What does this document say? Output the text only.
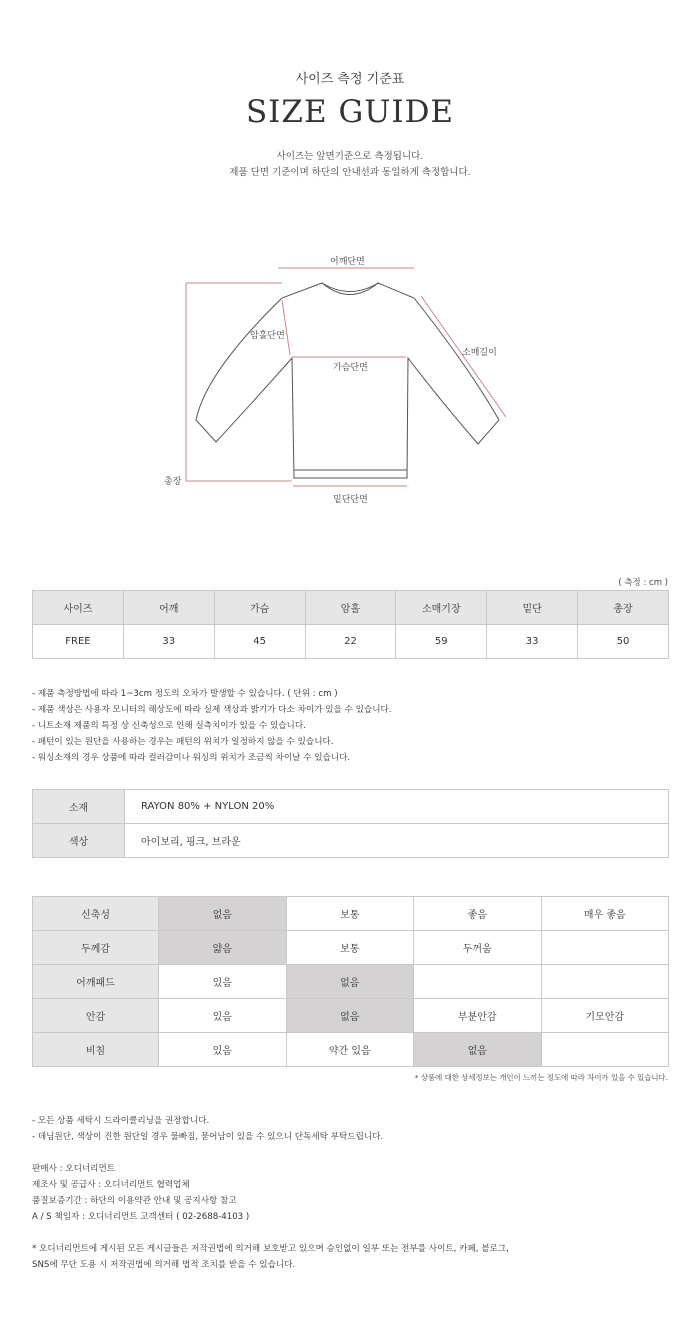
사이즈 측정 기준표
SIZE GUIDE
사이즈는 앞면기준으로 측정됩니다.
제품 단면 기준이며 하단의 안내선과 동일하게 측정합니다.
어깨단면
암홀단면
소매길이
가슴단면
총장
밑단단면
( 측정 : cm )
사이즈	어깨	가슴	암홀	소매기장	밑단	총장
FREE	33	45	22	59	33	50
- 제품 측정방법에 따라 1~3cm 정도의 오차가 발생할 수 있습니다. ( 단위 : cm )
- 제품 색상은 사용자 모니터의 해상도에 따라 실제 색상과 밝기가 다소 차이가 있을 수 있습니다.
- 니트소재 제품의 특정 상 신축성으로 인해 실측치이가 있을 수 있습니다.
- 패턴이 있는 원단을 사용하는 경우는 패턴의 위치가 일정하지 않을 수 있습니다.
- 워싱소재의 경우 상품에 따라 컬러감이나 워싱의 위치가 조금씩 차이날 수 있습니다.
소재	RAYON 80% + NYLON 20%
색상	아이보리, 핑크, 브라운
신축성	없음	보통	좋음	매우 좋음
두께감	얇음	보통	두꺼움	
어깨패드	있음	없음		
안감	있음	없음	부분안감	기모안감
비침	있음	약간 있음	없음	
* 상품에 대한 상세정보는 개인이 느끼는 정도에 따라 차이가 있을 수 있습니다.
- 모든 상품 세탁시 드라이클리닝을 권장합니다.
- 데님원단, 색상이 진한 원단일 경우 물빠짐, 묻어남이 있을 수 있으니 단독세탁 부탁드립니다.
판매사 : 오디너리먼트
제조사 및 공급사 : 오디너리먼트 협력업체
품질보증기간 : 하단의 이용약관 안내 및 공지사항 참고
A / S 책임자 : 오디너리먼트 고객센터 ( 02-2688-4103 )
* 오디너리먼트에 게시된 모든 게시글들은 저작권법에 의거해 보호받고 있으며 승인없이 일부 또는 전부를 사이트, 카페, 블로그,
SNS에 무단 도용 시 저작권법에 의거해 법적 조치를 받을 수 있습니다.
